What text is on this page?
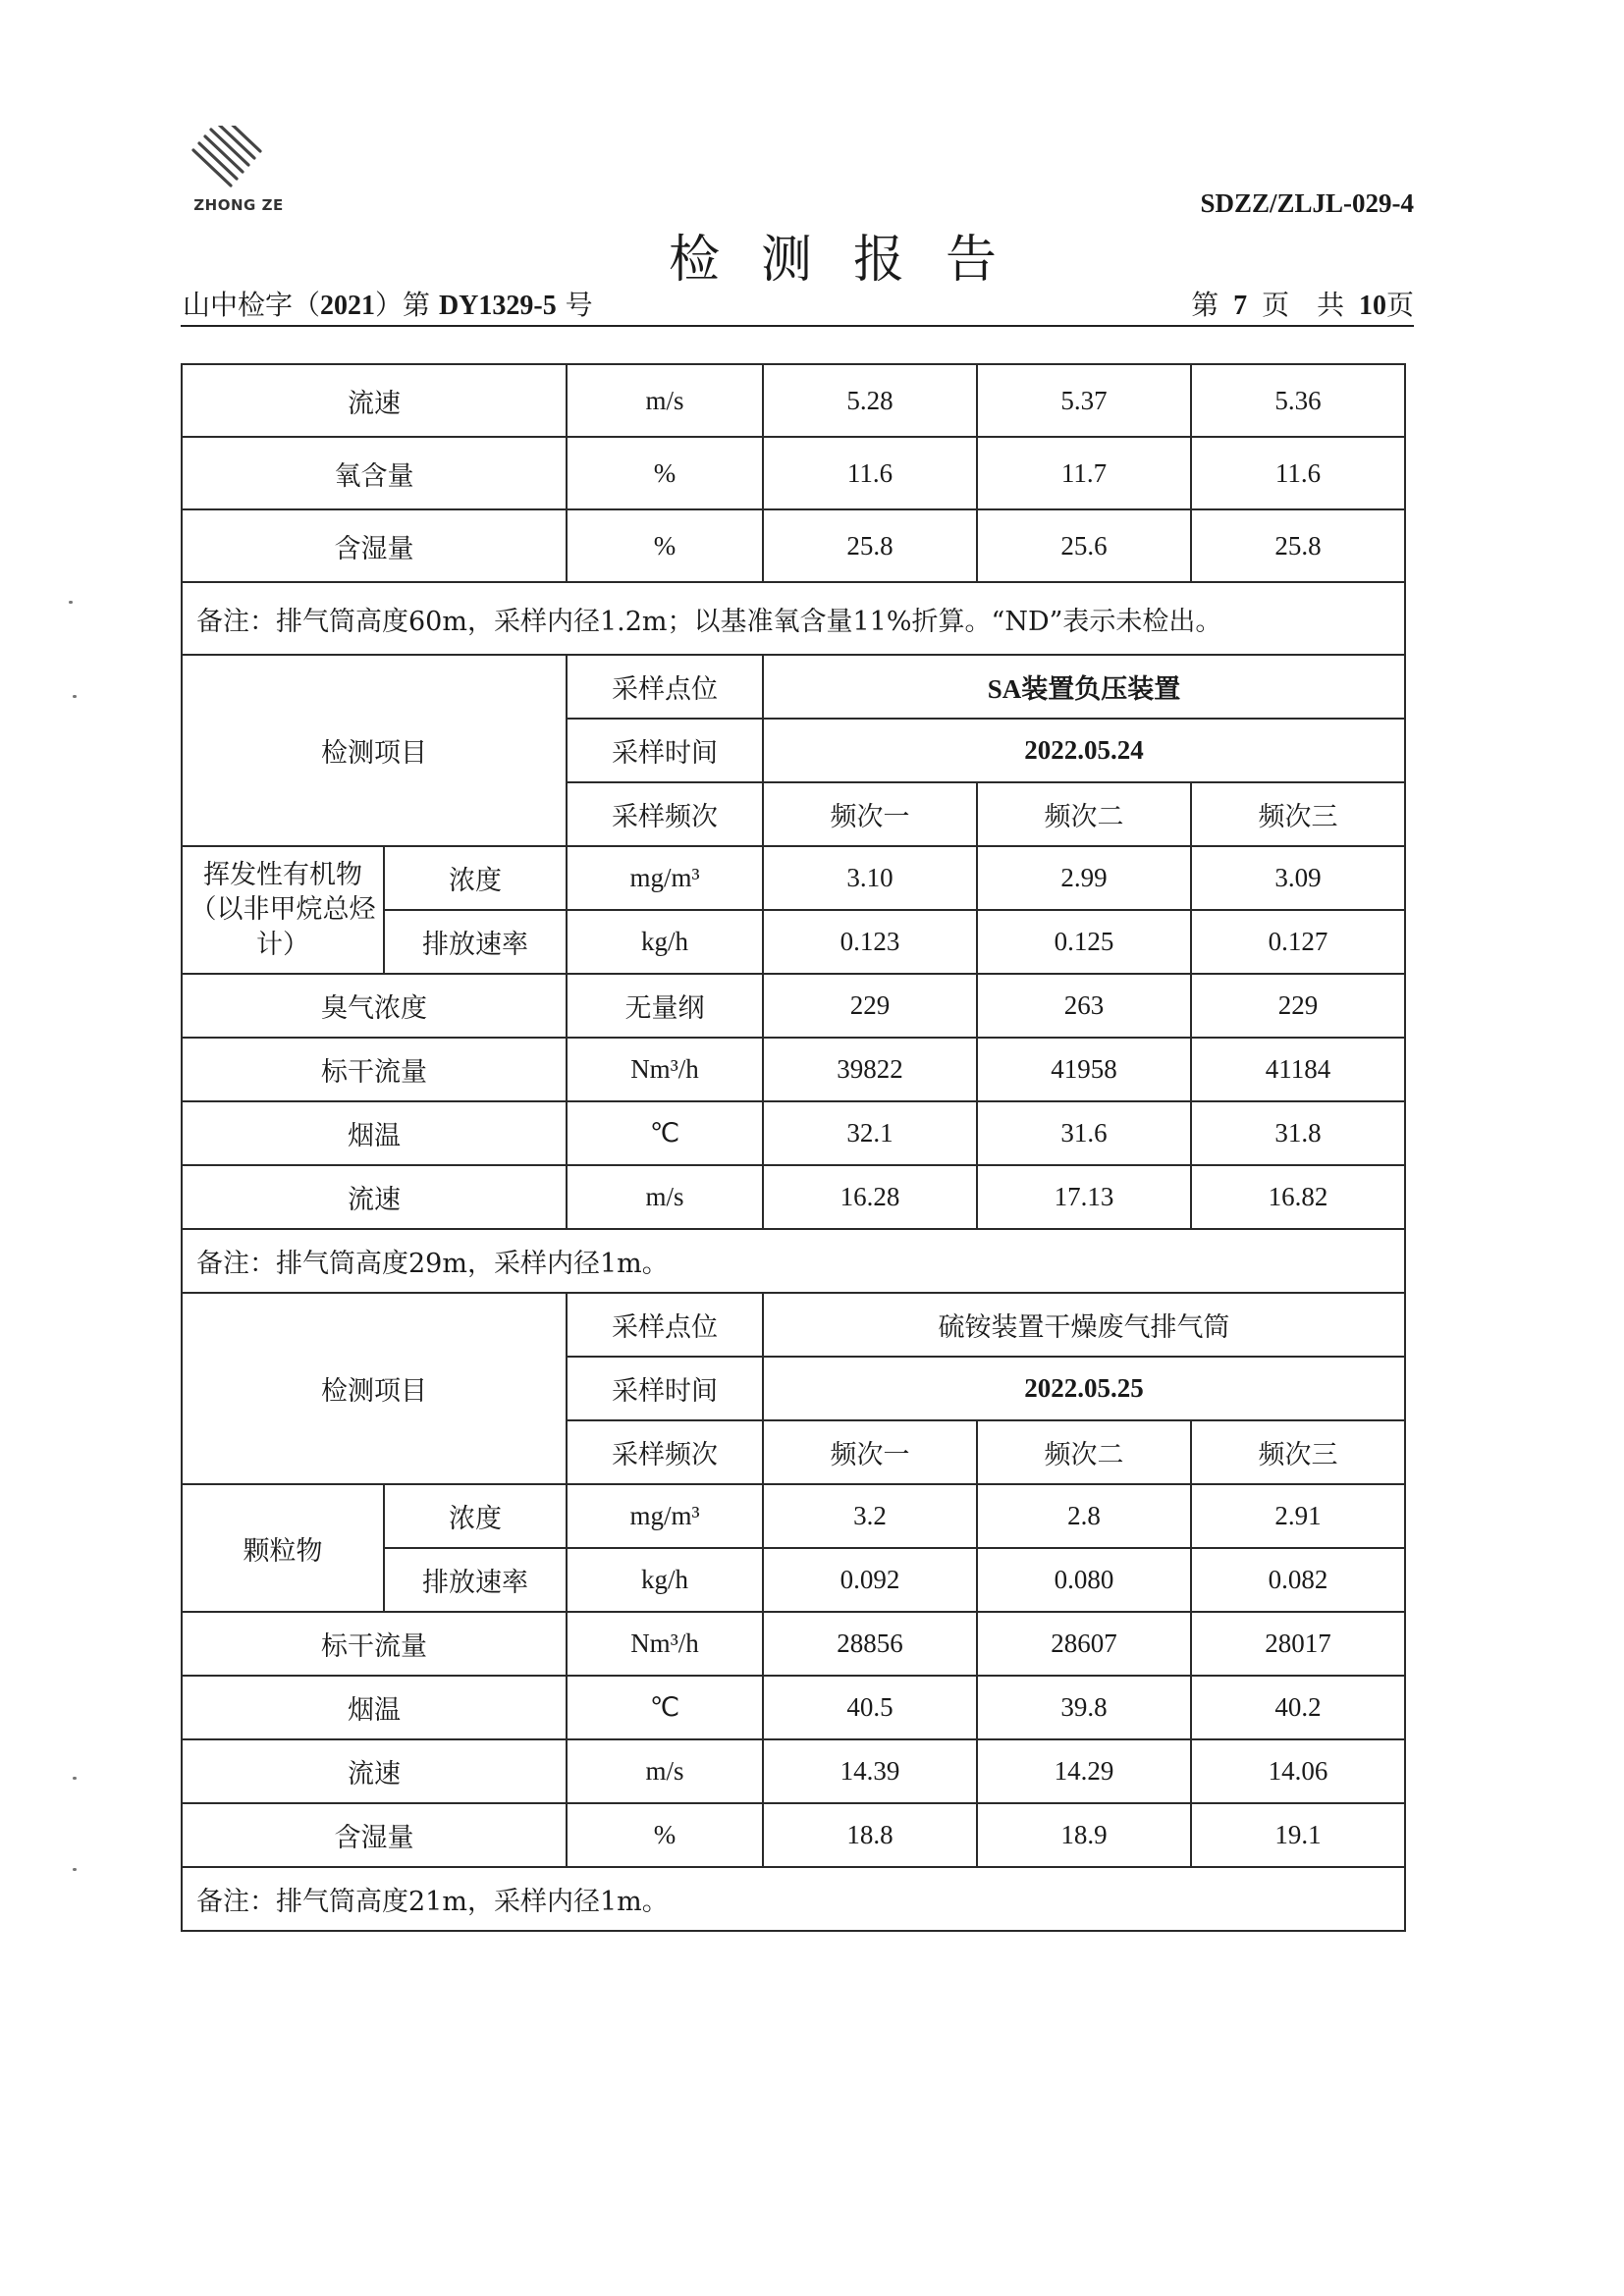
ZHONG ZE	SDZZ/ZLJL-029-4
检测报告
山中检字（2021）第 DY1329-5 号	第 7 页　共 10页
流速		m/s	5.28	5.37	5.36
氧含量		%	11.6	11.7	11.6
含湿量		%	25.8	25.6	25.8
备注：排气筒高度60m，采样内径1.2m；以基准氧含量11%折算。“ND”表示未检出。					
检测项目		采样点位	SA装置负压装置		
		采样时间	2022.05.24		
		采样频次	频次一	频次二	频次三
挥发性有机物（以非甲烷总烃计）	浓度	mg/m³	3.10	2.99	3.09
	排放速率	kg/h	0.123	0.125	0.127
臭气浓度		无量纲	229	263	229
标干流量		Nm³/h	39822	41958	41184
烟温		℃	32.1	31.6	31.8
流速		m/s	16.28	17.13	16.82
备注：排气筒高度29m，采样内径1m。					
检测项目		采样点位	硫铵装置干燥废气排气筒		
		采样时间	2022.05.25		
		采样频次	频次一	频次二	频次三
颗粒物	浓度	mg/m³	3.2	2.8	2.91
	排放速率	kg/h	0.092	0.080	0.082
标干流量		Nm³/h	28856	28607	28017
烟温		℃	40.5	39.8	40.2
流速		m/s	14.39	14.29	14.06
含湿量		%	18.8	18.9	19.1
备注：排气筒高度21m，采样内径1m。					
